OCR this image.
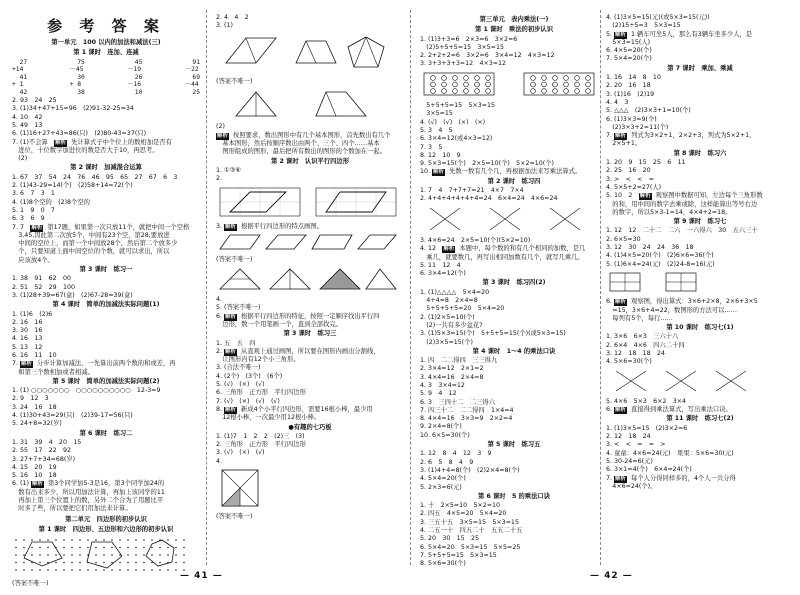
参 考 答 案
第一单元　100 以内的加法和减法(三)
第 1 课时　连加、连减
27
+14
41
+ 1
42
75
－45
30
+ 8
38
45
－19
26
－16
10
91
－22
69
－44
25
2. 93　24　25
3. (1)34+47+15=96　(2)91-32-25=34
4. 10　42
5. 49　13
6. (1)16+27+43=86(只)　(2)80-43=37(只)
7. (1)不会算　解析 先计算式子中个位上的数相加是否有
　进位，十位数字加进位的数是否大于10，再思考。
　(2)
第 2 课时　加减混合运算
1. 67　37　54　24　76　46　95　65　27　67　6　3
2. (1)43-29=14(个)　(2)58+14=72(个)
3. 6　7　3　1
4. (1)8个空的　(2)8个空的
5. 1　9　0　7
6. 3　6　9
7. 7　解析 第17题，如果第一次只放11个，就把中间一个空格
　3,45,因此第二次放5个，中间有23个空，第28,要放进
　中间的空位上，而第一个中间放28个，然后第二个放多少
　个，只要知道上面中间空位的个数，就可以求出，所以
　应该放4个。
第 3 课时　练习一
1. 38　91　62　00
2. 51　52　29　100
3. (1)28+39=67(盒)　(2)67-28=39(盒)
第 4 课时　简单的加减法实际问题(1)
1. (1)6　(2)6
2. 16　16
3. 30　16
4. 16　13
5. 13　12
6. 16　11　10
7. 解析 分步计算加减法，一先算出前两个数的和或差，再
　和第三个数相加或者相减。
第 5 课时　简单的加减法实际问题(2)
1. (1) ○○○○○○○　○○○○○○○○○○　12-3=9
2. 9　12　3
3. 24　16　18
4. (1)30+43=29(只)　(2)39-17=56(只)
5. 24+8=32(岁)
第 6 课时　练习二
1. 31　39　4　20　15
2. 55　17　22　92
3. 27+7+34=68(岁)
4. 15　20　19
5. 16　10　18
6. (1) 解析 第3个同学加5-3是16，第3个同学加24的
　数有出来多少，所以用加法计算，再加上该同学的11
　再加上第三个位置上的数，另外二个合为了用题比平
　时多了些，所以要把它们用加法来计算。
第二单元　四边形的初步认识
第 1 课时　四边形、五边形和六边形的初步认识
(答案不唯一)
2. 4　4　2
3. (1)
(答案不唯一)
(2)
解析 按照要求，数出图形中有几个基本图形，首先数出有几个
　基本图形，然后按顺序数出由两个、三个、四个……基本
　图形组成的图形，最后把所有数出的图形的个数加在一起。
第 2 课时　认识平行四边形
1. ①③⑥
2.
3. 解析 根据平行四边形的特点画图。
(答案不唯一)
4.
5. (答案不唯一)
6. 解析 根据平行四边形的特征，按照一定顺序找出平行四
　边形，数一个用笔画一个，直到全部找完。
第 3 课时　练习三
1. 五　五　四
2. 解析 从直观上通过画图，所以要在图形内画出分割线，
　让图形内有12个小三角形。
3. (合法不唯一)
4. (2个)　(3个)　(6个)
5. (√)　(×)　(√)
6. 三角形　正方形　平行四边形
7. (√)　(×)　(√)　(√)
8. 解析 新成4个小平行四边形，需要16根小棒，最少用
　12根小棒，一次最少用12根小棒。
●有趣的七巧板
1. (1)7　1　2　2　(2)三　(3)
2. 三角形　正方形　平行四边形
3. (√)　(×)　(√)
4.
(答案不唯一)
第三单元　表内乘法(一)
第 1 课时　乘法的初步认识
1. (1)3+3=6　2×3=6　3×2=6
　(2)5+5+5=15　3×5=15
2. 2+2+2=6　3×2=6　3×4=12　4×3=12
3. 3+3+3+3=12　4×3=12
　5+5+5=15　5×3=15
　3×5=15
4. (√)　(√)　(×)　(×)
5. 3　4　5
6. 3×4=12(或4×3=12)
7. 3　5
8. 12　10　9
9. 5×3=15(个)　2×5=10(个)　5×2=10(个)
10. 解析 先数一数有几个几，再根据加法来写乘法算式。
第 2 课时　练习四
1. 7　4　7+7+7=21　4×7　7×4
2. 4+4+4+4+4+4=24　6×4=24　4×6=24
3. 4×6=24　2×5=10(个)(5×2=10)
4. 12　解析 本题中，每个数的和有几个相同的加数，是几
　乘几，就要数几，再写出相同加数有几个，就写几乘几。
5. 11　12　4
6. 3×4=12(个)
第 3 课时　练习四(2)
1. (1)△△△△　5×4=20
　4+4=8　2×4=8
　5+5+5+5=20　5×4=20
2. (1)2×5=10(个)
　(2)一共有多少盆花?
3. (1)5×3=15(个)　5+5+5=15(个)(或5×3=15)
　(2)3×5=15(个)
第 4 课时　1～4 的乘法口诀
1. 四　二二得四　三三得九
2. 3×4=12　2×1=2
3. 4×4=16　2×4=8
4. 3　3×4=12
5. 9　4　12
6. 3　三四十二　二三得六
7. 四三十二　二二得四　1×4=4
8. 4×4=16　3×3=9　2×2=4
9. 2×4=8(个)
10. 6×5=30(个)
第 5 课时　练习五
1. 12　8　4　12　3　9
2. 6　5　8　4　9
3. (1)4+4=8(个)　(2)2×4=8(个)
4. 5×4=20(个)
5. 2×3=6(元)
第 6 课时　5 的乘法口诀
1. 十　2×5=10　5×2=10
2. 四五　4×5=20　5×4=20
3. 三五十五　3×5=15　5×3=15
4. 二五一十　四五二十　五五二十五
5. 20　30　15　25
6. 5×4=20　5×3=15　5×5=25
7. 5+5+5=15　5×3=15
8. 5×6=30(个)
4. (1)3×5=15(元)(或5×3=15(元))
　(2)15÷5=3　5×3=15
5. 解析 1 辆车可坐5人，那么有3辆车坐多少人，是
　5×3=15(人)
6. 4×5=20(个)
7. 5×4=20(个)
第 7 课时　乘加、乘减
1. 16　14　8　10
2. 20　16　18
3. (1)16　(2)19
4. 4　3
5. △△△　(2)3×3+1=10(个)
6. (1)3×3=9(个)
　(2)3×3+2=11(个)
7. 解析 列式为3×2+1，2×2+3，列式为5×2+1，
　2×5+1。
第 8 课时　练习六
1. 20　9　15　25　6　11
2. 25　16　20
3. >　<　<　=
4. 5×5+2=27(人)
5. 10　2　解析 观察图中数据可知，左边每个三角形数
　的和，用中间的数字去乘或除，这样能算出等号右边
　的数字，所以5×3-1=14，4×4+2=18。
第 9 课时　练习七
1. 12　12　二十二　二六　一六得六　30　五六三十
2. 6×5=30
3. 12　30　24　24　36　18
4. (1)4×5=20(个)　(2)6×6=36(个)
5. (1)6×4=24(元)　(2)24-8=16(元)
6. 解析 观察图，得出算式：3×6+2×8，2×6+3×5
　=15，3×6+4=22，数图形的方法可以……
　每列有5个，每行……
第 10 课时　练习七(1)
1. 3×6　6×3　三六十八
2. 6×4　4×6　四六二十四
3. 12　18　18　24
4. 5×6=30(个)
5. 4×6　5×3　6×2　3×4
6. 解析 直接得到乘法算式，写出乘法口诀。
第 11 课时　练习七(2)
1. (1)3×5=15　(2)3×2=6
2. 12　18　24
3. <　<　=　=　>
4. 童童：4×6=24(元)　果果：5×6=30(元)
5. 30-24=6(元)
6. 3×1=4(个)　6×4=24(个)
7. 解析 每个人分得同样多的，4个人一共分得
　4×6=24(个)。
— 41 —	— 42 —
